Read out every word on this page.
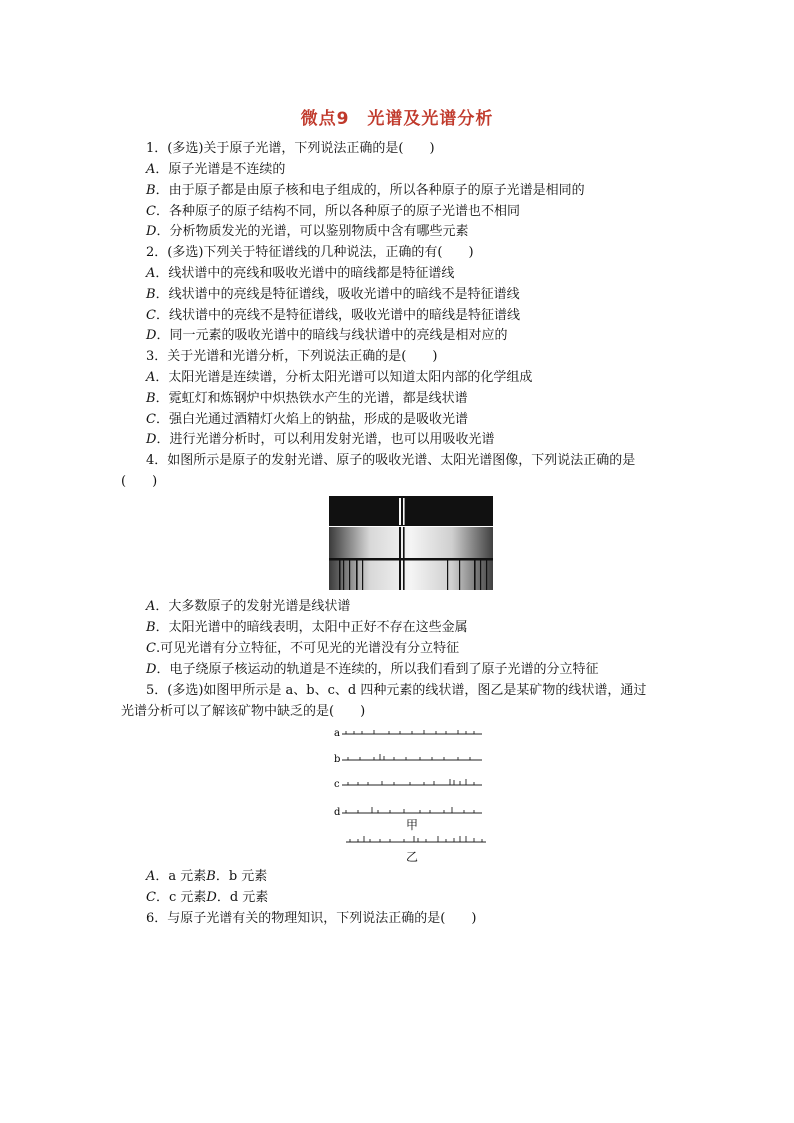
微点9　光谱及光谱分析
1．(多选)关于原子光谱，下列说法正确的是(　　)
A．原子光谱是不连续的
B．由于原子都是由原子核和电子组成的，所以各种原子的原子光谱是相同的
C．各种原子的原子结构不同，所以各种原子的原子光谱也不相同
D．分析物质发光的光谱，可以鉴别物质中含有哪些元素
2．(多选)下列关于特征谱线的几种说法，正确的有(　　)
A．线状谱中的亮线和吸收光谱中的暗线都是特征谱线
B．线状谱中的亮线是特征谱线，吸收光谱中的暗线不是特征谱线
C．线状谱中的亮线不是特征谱线，吸收光谱中的暗线是特征谱线
D．同一元素的吸收光谱中的暗线与线状谱中的亮线是相对应的
3．关于光谱和光谱分析，下列说法正确的是(　　)
A．太阳光谱是连续谱，分析太阳光谱可以知道太阳内部的化学组成
B．霓虹灯和炼钢炉中炽热铁水产生的光谱，都是线状谱
C．强白光通过酒精灯火焰上的钠盐，形成的是吸收光谱
D．进行光谱分析时，可以利用发射光谱，也可以用吸收光谱
4．如图所示是原子的发射光谱、原子的吸收光谱、太阳光谱图像，下列说法正确的是
(　　)
A．大多数原子的发射光谱是线状谱
B．太阳光谱中的暗线表明，太阳中正好不存在这些金属
C.可见光谱有分立特征，不可见光的光谱没有分立特征
D．电子绕原子核运动的轨道是不连续的，所以我们看到了原子光谱的分立特征
5．(多选)如图甲所示是 a、b、c、d 四种元素的线状谱，图乙是某矿物的线状谱，通过
光谱分析可以了解该矿物中缺乏的是(　　)
a
b
c
d
甲
乙
A．a 元素B．b 元素
C．c 元素D．d 元素
6．与原子光谱有关的物理知识，下列说法正确的是(　　)
